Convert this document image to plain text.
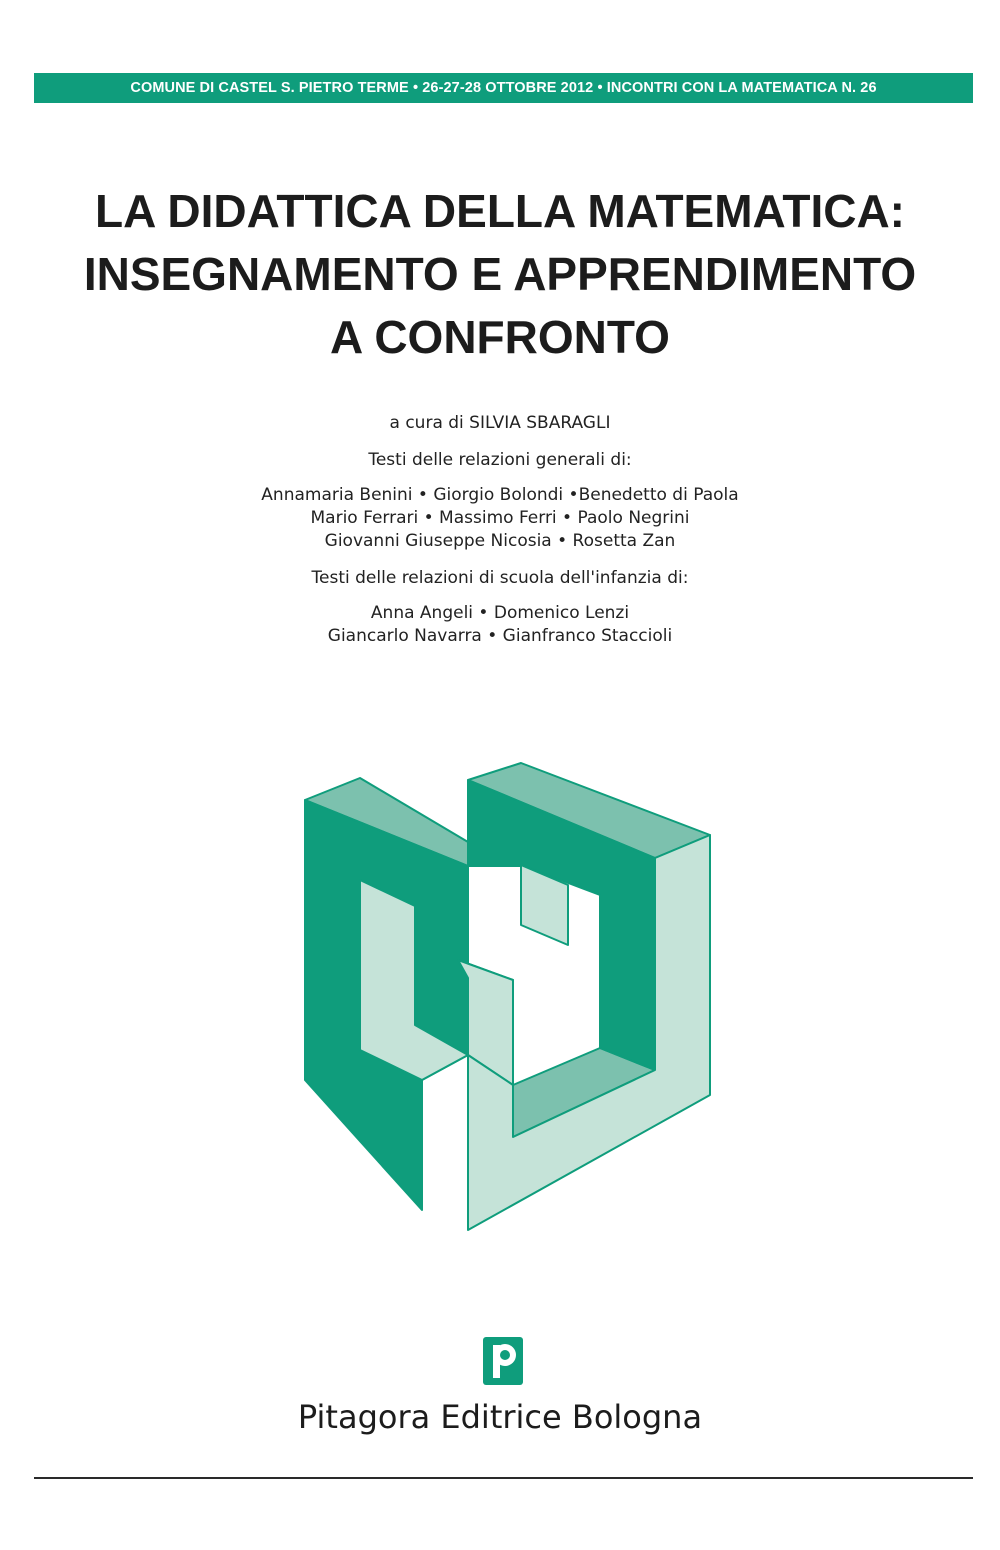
COMUNE DI CASTEL S. PIETRO TERME • 26-27-28 OTTOBRE 2012 • INCONTRI CON LA MATEMATICA N. 26
LA DIDATTICA DELLA MATEMATICA:
INSEGNAMENTO E APPRENDIMENTO
A CONFRONTO
a cura di SILVIA SBARAGLI
Testi delle relazioni generali di:
Annamaria Benini • Giorgio Bolondi •Benedetto di Paola
Mario Ferrari • Massimo Ferri • Paolo Negrini
Giovanni Giuseppe Nicosia • Rosetta Zan
Testi delle relazioni di scuola dell'infanzia di:
Anna Angeli • Domenico Lenzi
Giancarlo Navarra • Gianfranco Staccioli
Pitagora Editrice Bologna
